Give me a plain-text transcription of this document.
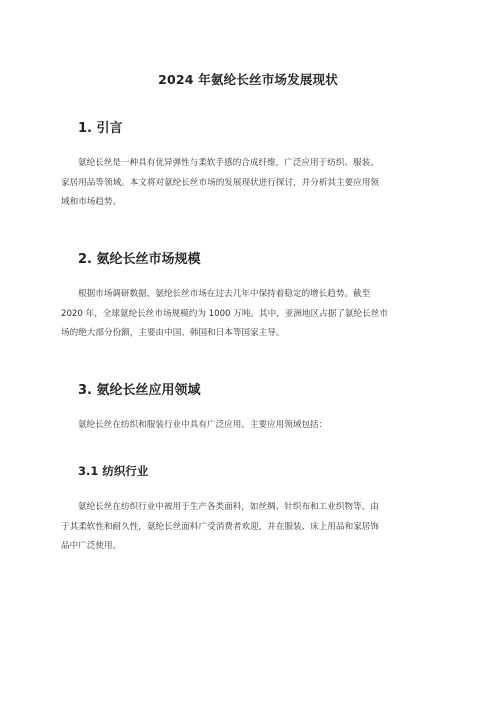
2024 年氨纶长丝市场发展现状
1. 引言
氨纶长丝是一种具有优异弹性与柔软手感的合成纤维，广泛应用于纺织、服装、
家居用品等领域。本文将对氨纶长丝市场的发展现状进行探讨，并分析其主要应用领
域和市场趋势。
2. 氨纶长丝市场规模
根据市场调研数据，氨纶长丝市场在过去几年中保持着稳定的增长趋势。截至
2020 年，全球氨纶长丝市场规模约为 1000 万吨。其中，亚洲地区占据了氨纶长丝市
场的绝大部分份额，主要由中国、韩国和日本等国家主导。
3. 氨纶长丝应用领域
氨纶长丝在纺织和服装行业中具有广泛应用。主要应用领域包括：
3.1 纺织行业
氨纶长丝在纺织行业中被用于生产各类面料，如丝绸、针织布和工业织物等。由
于其柔软性和耐久性，氨纶长丝面料广受消费者欢迎，并在服装、床上用品和家居饰
品中广泛使用。
